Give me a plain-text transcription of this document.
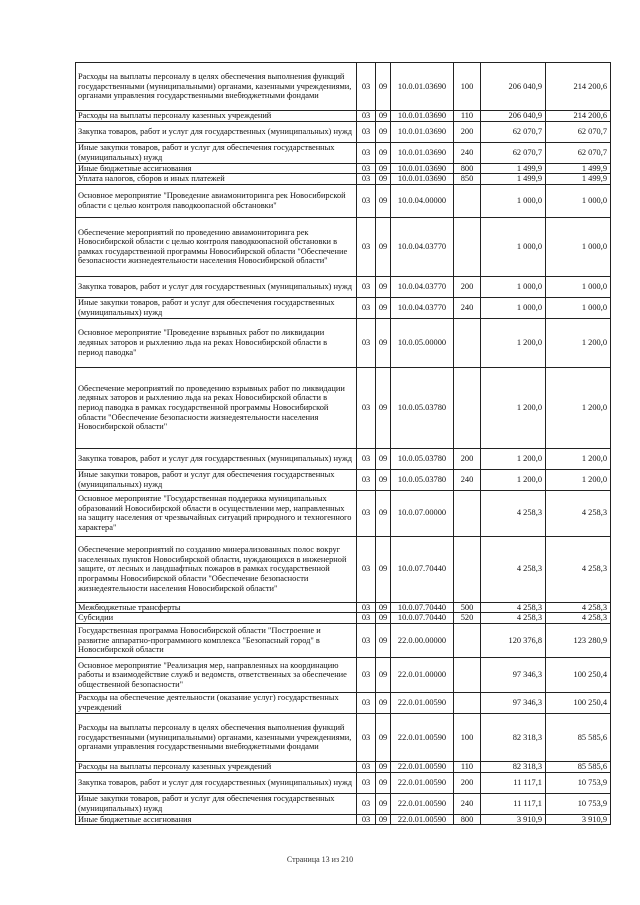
Расходы на выплаты персоналу в целях обеспечения выполнения функций государственными (муниципальными) органами, казенными учреждениями, органами управления государственными внебюджетными фондами	03	09	10.0.01.03690	100	206 040,9	214 200,6
Расходы на выплаты персоналу казенных учреждений	03	09	10.0.01.03690	110	206 040,9	214 200,6
Закупка товаров, работ и услуг для государственных (муниципальных) нужд	03	09	10.0.01.03690	200	62 070,7	62 070,7
Иные закупки товаров, работ и услуг для обеспечения государственных (муниципальных) нужд	03	09	10.0.01.03690	240	62 070,7	62 070,7
Иные бюджетные ассигнования	03	09	10.0.01.03690	800	1 499,9	1 499,9
Уплата налогов, сборов и иных платежей	03	09	10.0.01.03690	850	1 499,9	1 499,9
Основное мероприятие "Проведение авиамониторинга рек Новосибирской области с целью контроля паводкоопасной обстановки"	03	09	10.0.04.00000		1 000,0	1 000,0
Обеспечение мероприятий по проведению авиамониторинга рек Новосибирской области с целью контроля паводкоопасной обстановки в рамках государственной программы Новосибирской области "Обеспечение безопасности жизнедеятельности населения Новосибирской области"	03	09	10.0.04.03770		1 000,0	1 000,0
Закупка товаров, работ и услуг для государственных (муниципальных) нужд	03	09	10.0.04.03770	200	1 000,0	1 000,0
Иные закупки товаров, работ и услуг для обеспечения государственных (муниципальных) нужд	03	09	10.0.04.03770	240	1 000,0	1 000,0
Основное мероприятие "Проведение взрывных работ по ликвидации ледяных заторов и рыхлению льда на реках Новосибирской области в период паводка"	03	09	10.0.05.00000		1 200,0	1 200,0
Обеспечение мероприятий по проведению взрывных работ по ликвидации ледяных заторов и рыхлению льда на реках Новосибирской области в период паводка в рамках государственной программы Новосибирской области "Обеспечение безопасности жизнедеятельности населения Новосибирской области"	03	09	10.0.05.03780		1 200,0	1 200,0
Закупка товаров, работ и услуг для государственных (муниципальных) нужд	03	09	10.0.05.03780	200	1 200,0	1 200,0
Иные закупки товаров, работ и услуг для обеспечения государственных (муниципальных) нужд	03	09	10.0.05.03780	240	1 200,0	1 200,0
Основное мероприятие "Государственная поддержка муниципальных образований Новосибирской области в осуществлении мер, направленных на защиту населения от чрезвычайных ситуаций природного и техногенного характера"	03	09	10.0.07.00000		4 258,3	4 258,3
Обеспечение мероприятий по созданию минерализованных полос вокруг населенных пунктов Новосибирской области, нуждающихся в инженерной защите, от лесных и ландшафтных пожаров в рамках государственной программы Новосибирской области "Обеспечение безопасности жизнедеятельности населения Новосибирской области"	03	09	10.0.07.70440		4 258,3	4 258,3
Межбюджетные трансферты	03	09	10.0.07.70440	500	4 258,3	4 258,3
Субсидии	03	09	10.0.07.70440	520	4 258,3	4 258,3
Государственная программа Новосибирской области "Построение и развитие аппаратно-программного комплекса "Безопасный город" в Новосибирской области	03	09	22.0.00.00000		120 376,8	123 280,9
Основное мероприятие "Реализация мер, направленных на координацию работы и взаимодействие служб и ведомств, ответственных за обеспечение общественной безопасности"	03	09	22.0.01.00000		97 346,3	100 250,4
Расходы на обеспечение деятельности (оказание услуг) государственных учреждений	03	09	22.0.01.00590		97 346,3	100 250,4
Расходы на выплаты персоналу в целях обеспечения выполнения функций государственными (муниципальными) органами, казенными учреждениями, органами управления государственными внебюджетными фондами	03	09	22.0.01.00590	100	82 318,3	85 585,6
Расходы на выплаты персоналу казенных учреждений	03	09	22.0.01.00590	110	82 318,3	85 585,6
Закупка товаров, работ и услуг для государственных (муниципальных) нужд	03	09	22.0.01.00590	200	11 117,1	10 753,9
Иные закупки товаров, работ и услуг для обеспечения государственных (муниципальных) нужд	03	09	22.0.01.00590	240	11 117,1	10 753,9
Иные бюджетные ассигнования	03	09	22.0.01.00590	800	3 910,9	3 910,9
Страница 13 из 210
